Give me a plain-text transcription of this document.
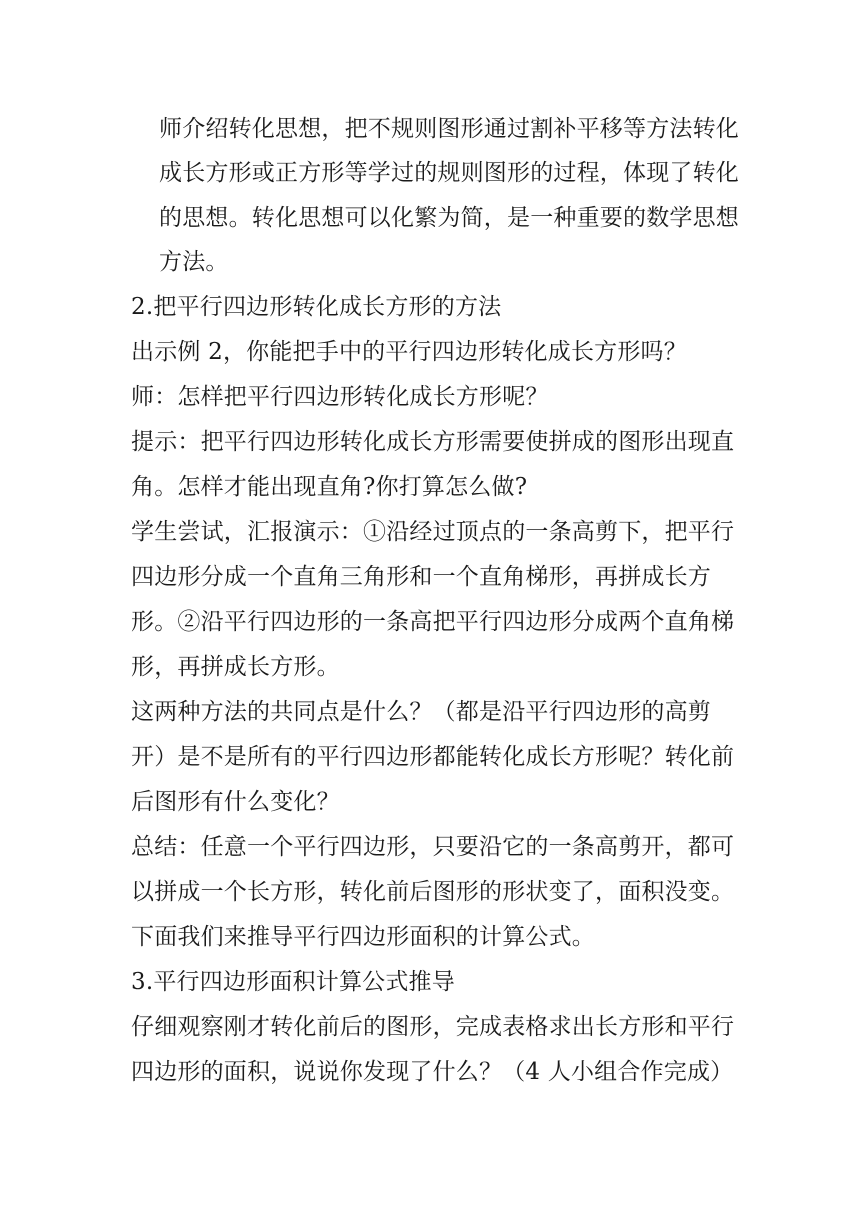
师介绍转化思想，把不规则图形通过割补平移等方法转化
成长方形或正方形等学过的规则图形的过程，体现了转化
的思想。转化思想可以化繁为简，是一种重要的数学思想
方法。
2.把平行四边形转化成长方形的方法
出示例 2，你能把手中的平行四边形转化成长方形吗？
师：怎样把平行四边形转化成长方形呢？
提示：把平行四边形转化成长方形需要使拼成的图形出现直
角。怎样才能出现直角?你打算怎么做?
学生尝试，汇报演示：①沿经过顶点的一条高剪下，把平行
四边形分成一个直角三角形和一个直角梯形，再拼成长方
形。②沿平行四边形的一条高把平行四边形分成两个直角梯
形，再拼成长方形。
这两种方法的共同点是什么？（都是沿平行四边形的高剪
开）是不是所有的平行四边形都能转化成长方形呢？转化前
后图形有什么变化？
总结：任意一个平行四边形，只要沿它的一条高剪开，都可
以拼成一个长方形，转化前后图形的形状变了，面积没变。
下面我们来推导平行四边形面积的计算公式。
3.平行四边形面积计算公式推导
仔细观察刚才转化前后的图形，完成表格求出长方形和平行
四边形的面积，说说你发现了什么？（4 人小组合作完成）
